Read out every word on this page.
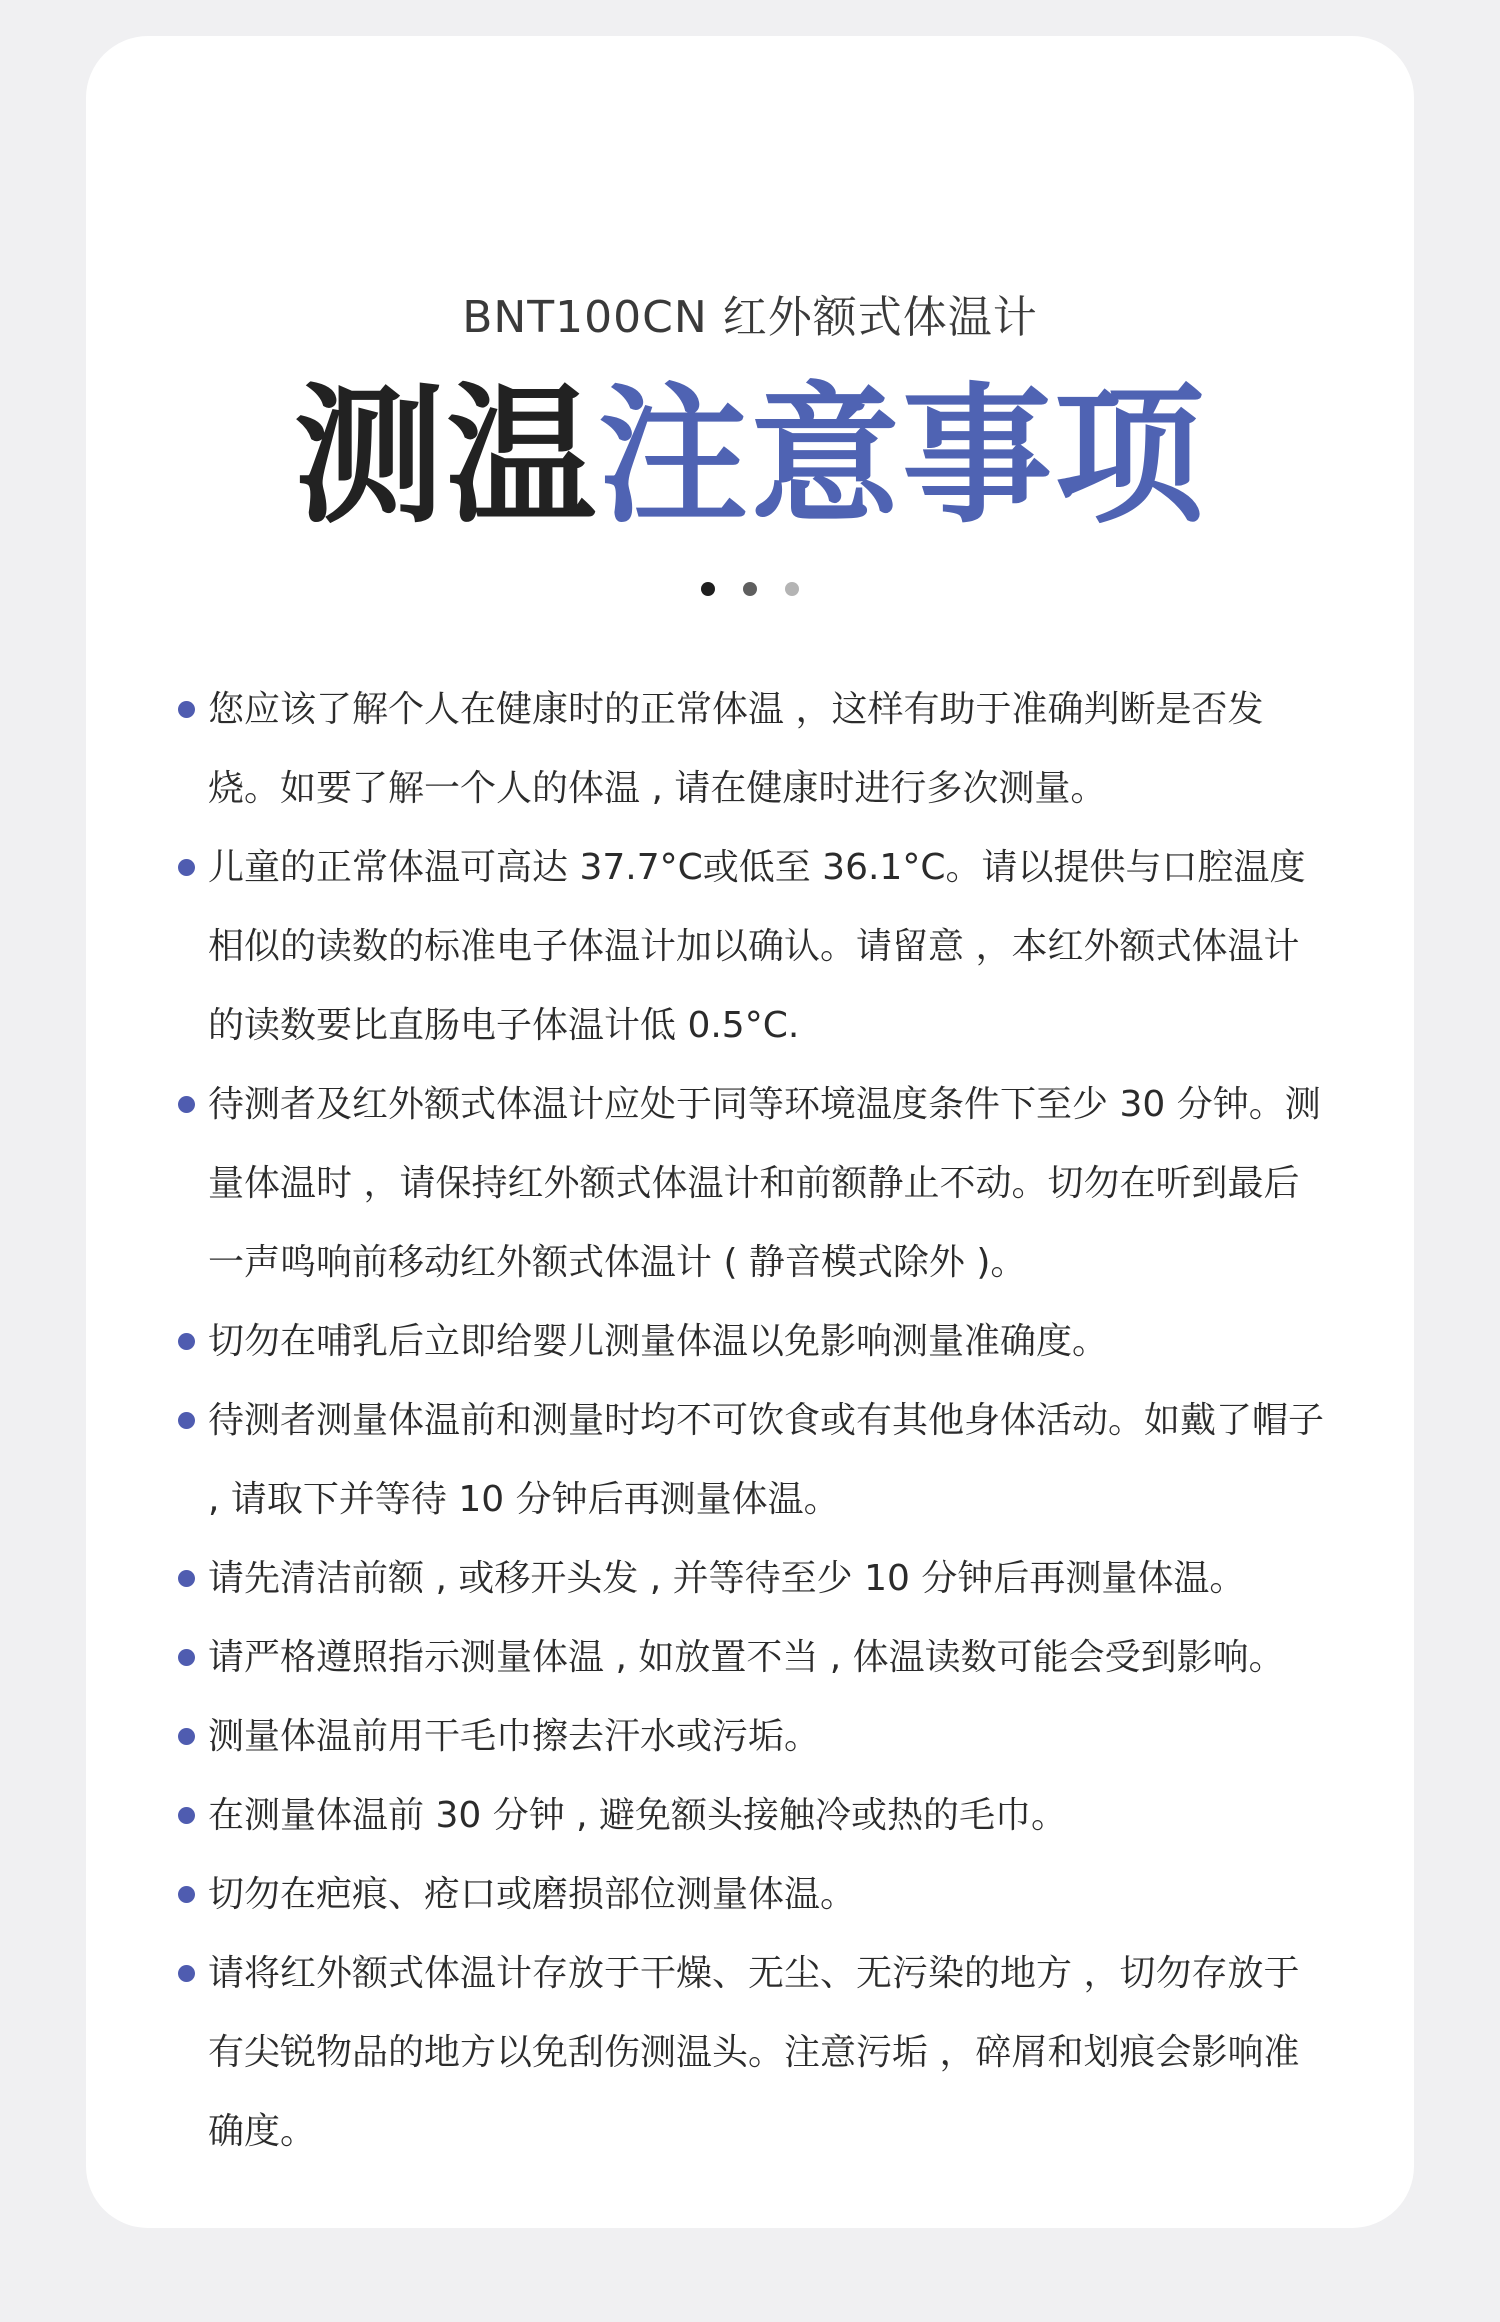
BNT100CN 红外额式体温计
测温注意事项
您应该了解个人在健康时的正常体温 ，这样有助于准确判断是否发烧。如要了解一个人的体温 , 请在健康时进行多次测量。
儿童的正常体温可高达 37.7°C或低至 36.1°C。请以提供与口腔温度相似的读数的标准电子体温计加以确认。请留意 ，本红外额式体温计的读数要比直肠电子体温计低 0.5°C.
待测者及红外额式体温计应处于同等环境温度条件下至少 30 分钟。测量体温时 ，请保持红外额式体温计和前额静止不动。切勿在听到最后一声鸣响前移动红外额式体温计 ( 静音模式除外 )。
切勿在哺乳后立即给婴儿测量体温以免影响测量准确度。
待测者测量体温前和测量时均不可饮食或有其他身体活动。如戴了帽子 , 请取下并等待 10 分钟后再测量体温。
请先清洁前额 , 或移开头发 , 并等待至少 10 分钟后再测量体温。
请严格遵照指示测量体温 , 如放置不当 , 体温读数可能会受到影响。
测量体温前用干毛巾擦去汗水或污垢。
在测量体温前 30 分钟 , 避免额头接触冷或热的毛巾。
切勿在疤痕、疮口或磨损部位测量体温。
请将红外额式体温计存放于干燥、无尘、无污染的地方 ，切勿存放于有尖锐物品的地方以免刮伤测温头。注意污垢 ，碎屑和划痕会影响准确度。
